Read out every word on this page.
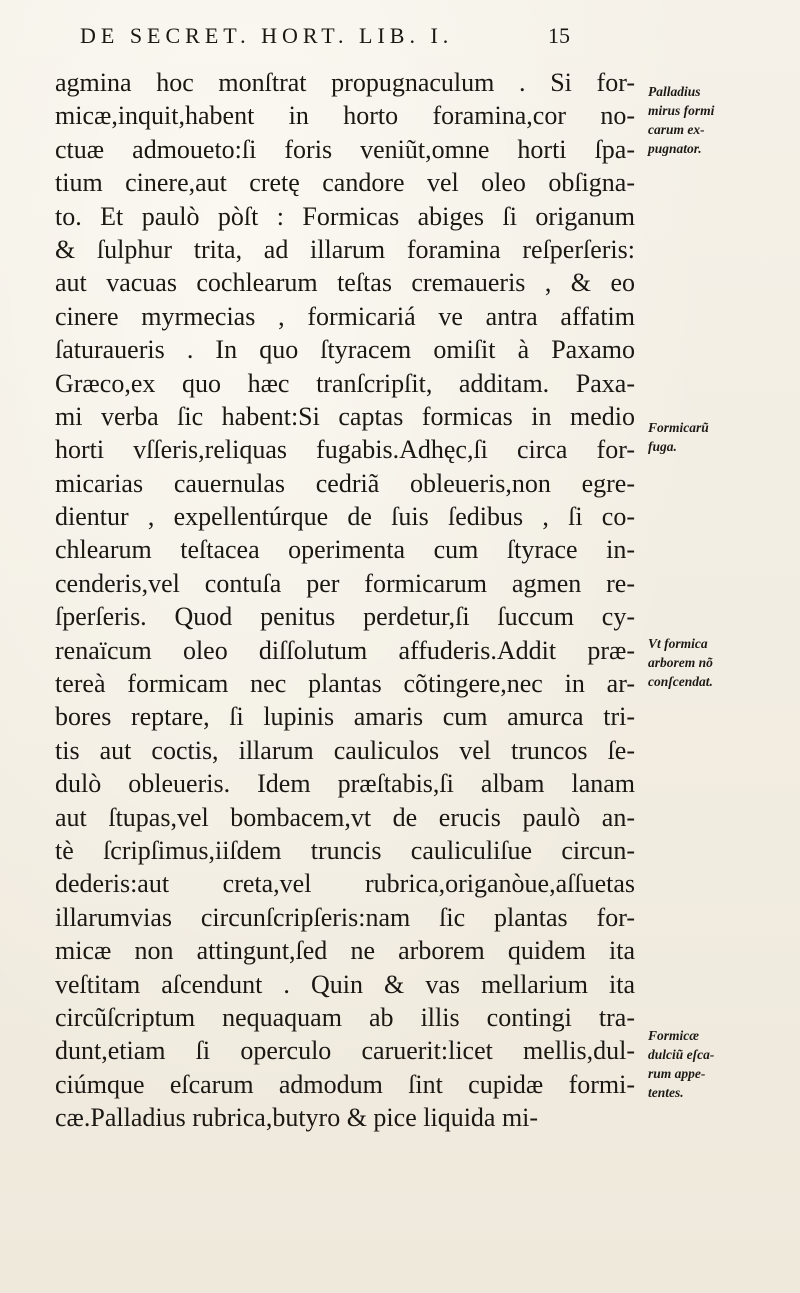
DE SECRET. HORT. LIB. I.	15
agmina hoc monſtrat propugnaculum . Si for-
micæ,inquit,habent in horto foramina,cor no-
ctuæ admoueto:ſi foris veniũt,omne horti ſpa-
tium cinere,aut cretę candore vel oleo obſigna-
to. Et paulò pòſt : Formicas abiges ſi origanum
& ſulphur trita, ad illarum foramina reſperſeris:
aut vacuas cochlearum teſtas cremaueris , & eo
cinere myrmecias , formicariá ve antra affatim
ſaturaueris . In quo ſtyracem omiſit à Paxamo
Græco,ex quo hæc tranſcripſit, additam. Paxa-
mi verba ſic habent:Si captas formicas in medio
horti vſſeris,reliquas fugabis.Adhęc,ſi circa for-
micarias cauernulas cedriã obleueris,non egre-
dientur , expellentúrque de ſuis ſedibus , ſi co-
chlearum teſtacea operimenta cum ſtyrace in-
cenderis,vel contuſa per formicarum agmen re-
ſperſeris. Quod penitus perdetur,ſi ſuccum cy-
renaïcum oleo diſſolutum affuderis.Addit præ-
tereà formicam nec plantas cõtingere,nec in ar-
bores reptare, ſi lupinis amaris cum amurca tri-
tis aut coctis, illarum cauliculos vel truncos ſe-
dulò obleueris. Idem præſtabis,ſi albam lanam
aut ſtupas,vel bombacem,vt de erucis paulò an-
tè ſcripſimus,iiſdem truncis cauliculiſue circun-
dederis:aut creta,vel rubrica,origanòue,aſſuetas
illarumvias circunſcripſeris:nam ſic plantas for-
micæ non attingunt,ſed ne arborem quidem ita
veſtitam aſcendunt . Quin & vas mellarium ita
circũſcriptum nequaquam ab illis contingi tra-
dunt,etiam ſi operculo caruerit:licet mellis,dul-
ciúmque eſcarum admodum ſint cupidæ formi-
cæ.Palladius rubrica,butyro & pice liquida mi-
Palladius
mirus formi
carum ex-
pugnator.
Formicarũ
fuga.
Vt formica
arborem nõ
conſcendat.
Formicæ
dulciũ eſca-
rum appe-
tentes.
